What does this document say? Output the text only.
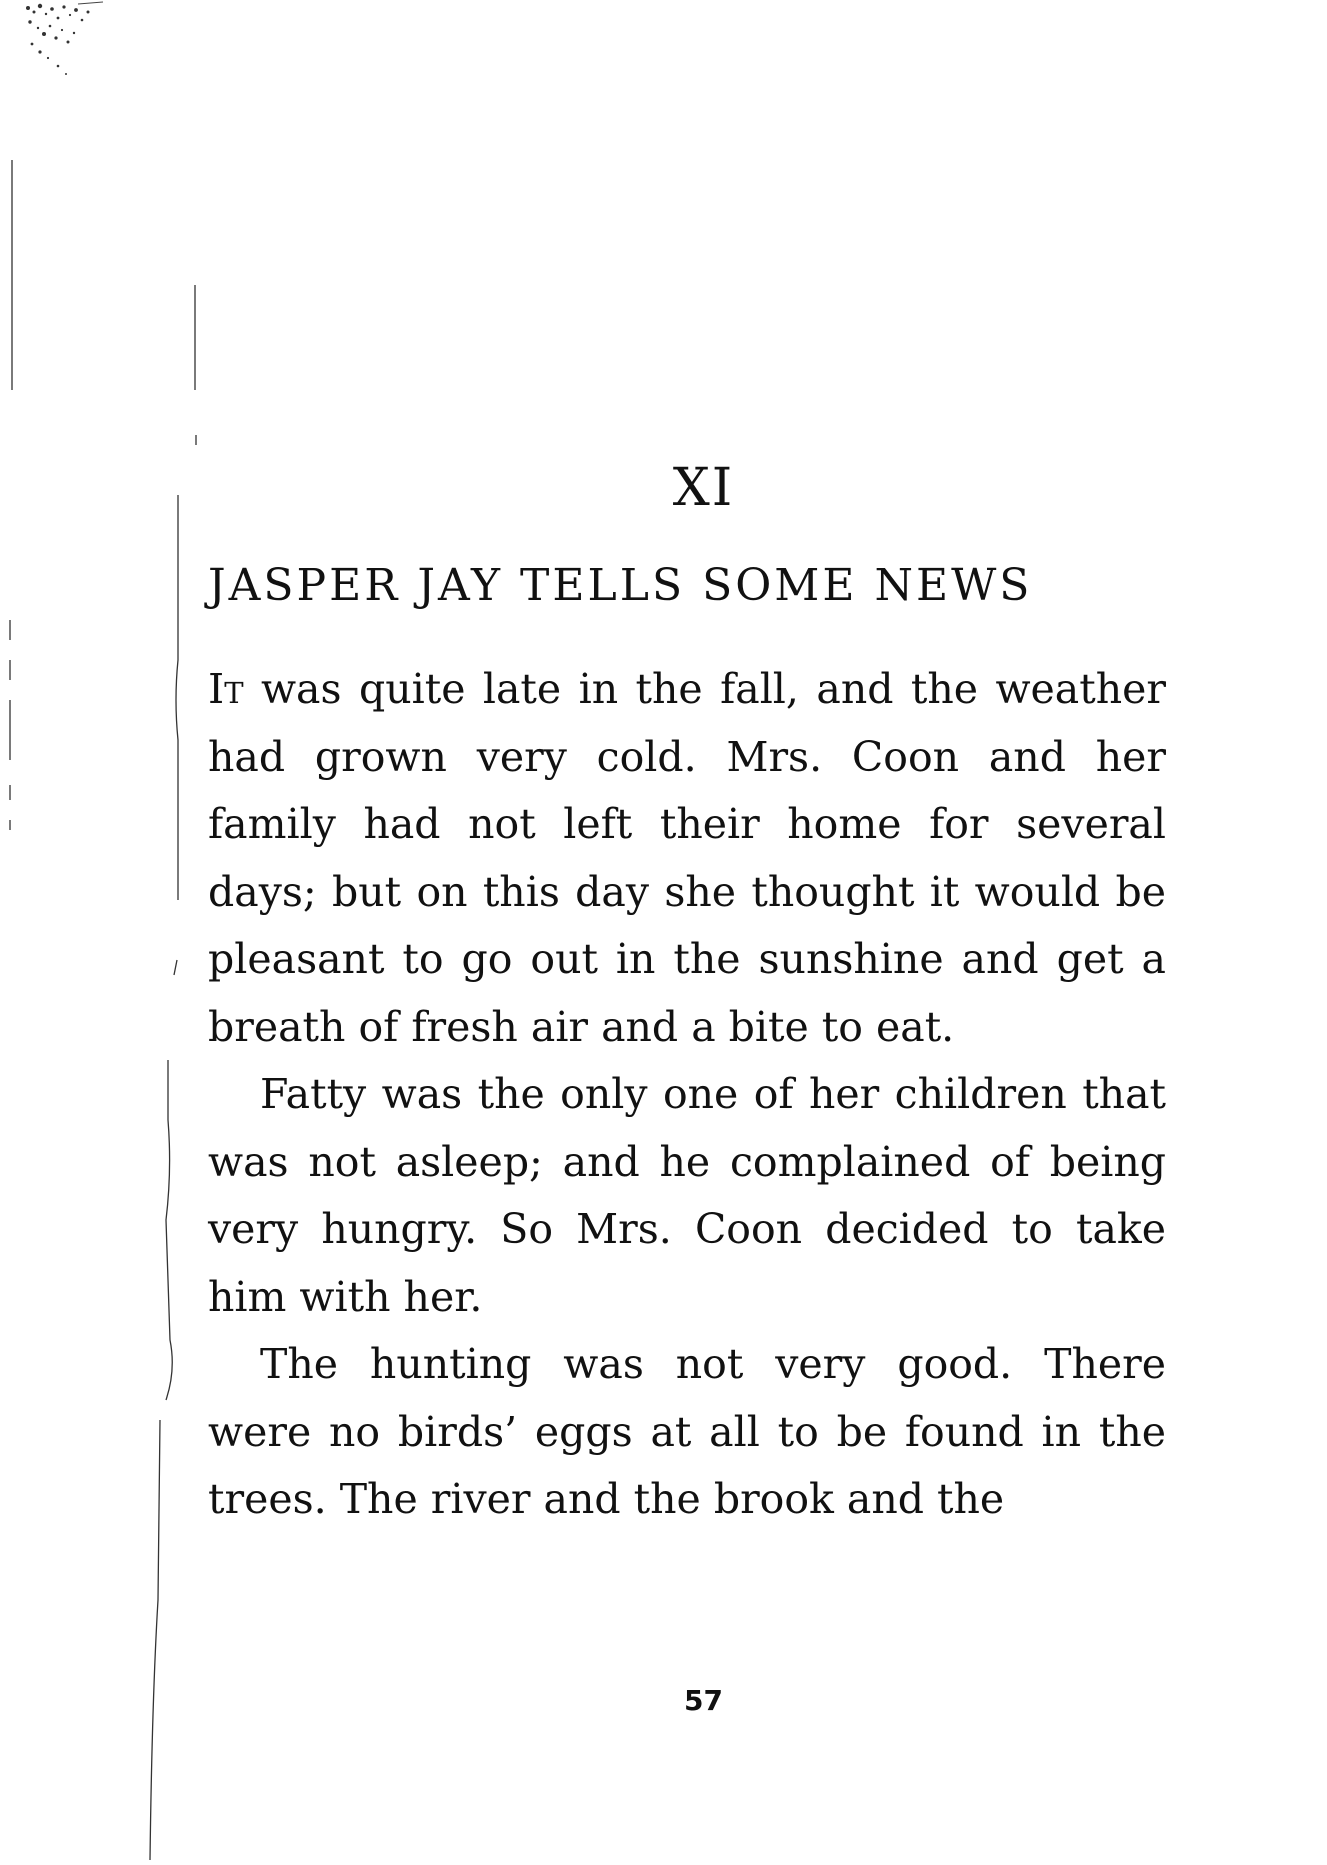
XI
JASPER JAY TELLS SOME NEWS

It was quite late in the fall, and the weather had grown very cold. Mrs. Coon and her family had not left their home for several days; but on this day she thought it would be pleasant to go out in the sunshine and get a breath of fresh air and a bite to eat.

Fatty was the only one of her children that was not asleep; and he complained of being very hungry. So Mrs. Coon decided to take him with her.

The hunting was not very good. There were no birds’ eggs at all to be found in the trees. The river and the brook and the

57
